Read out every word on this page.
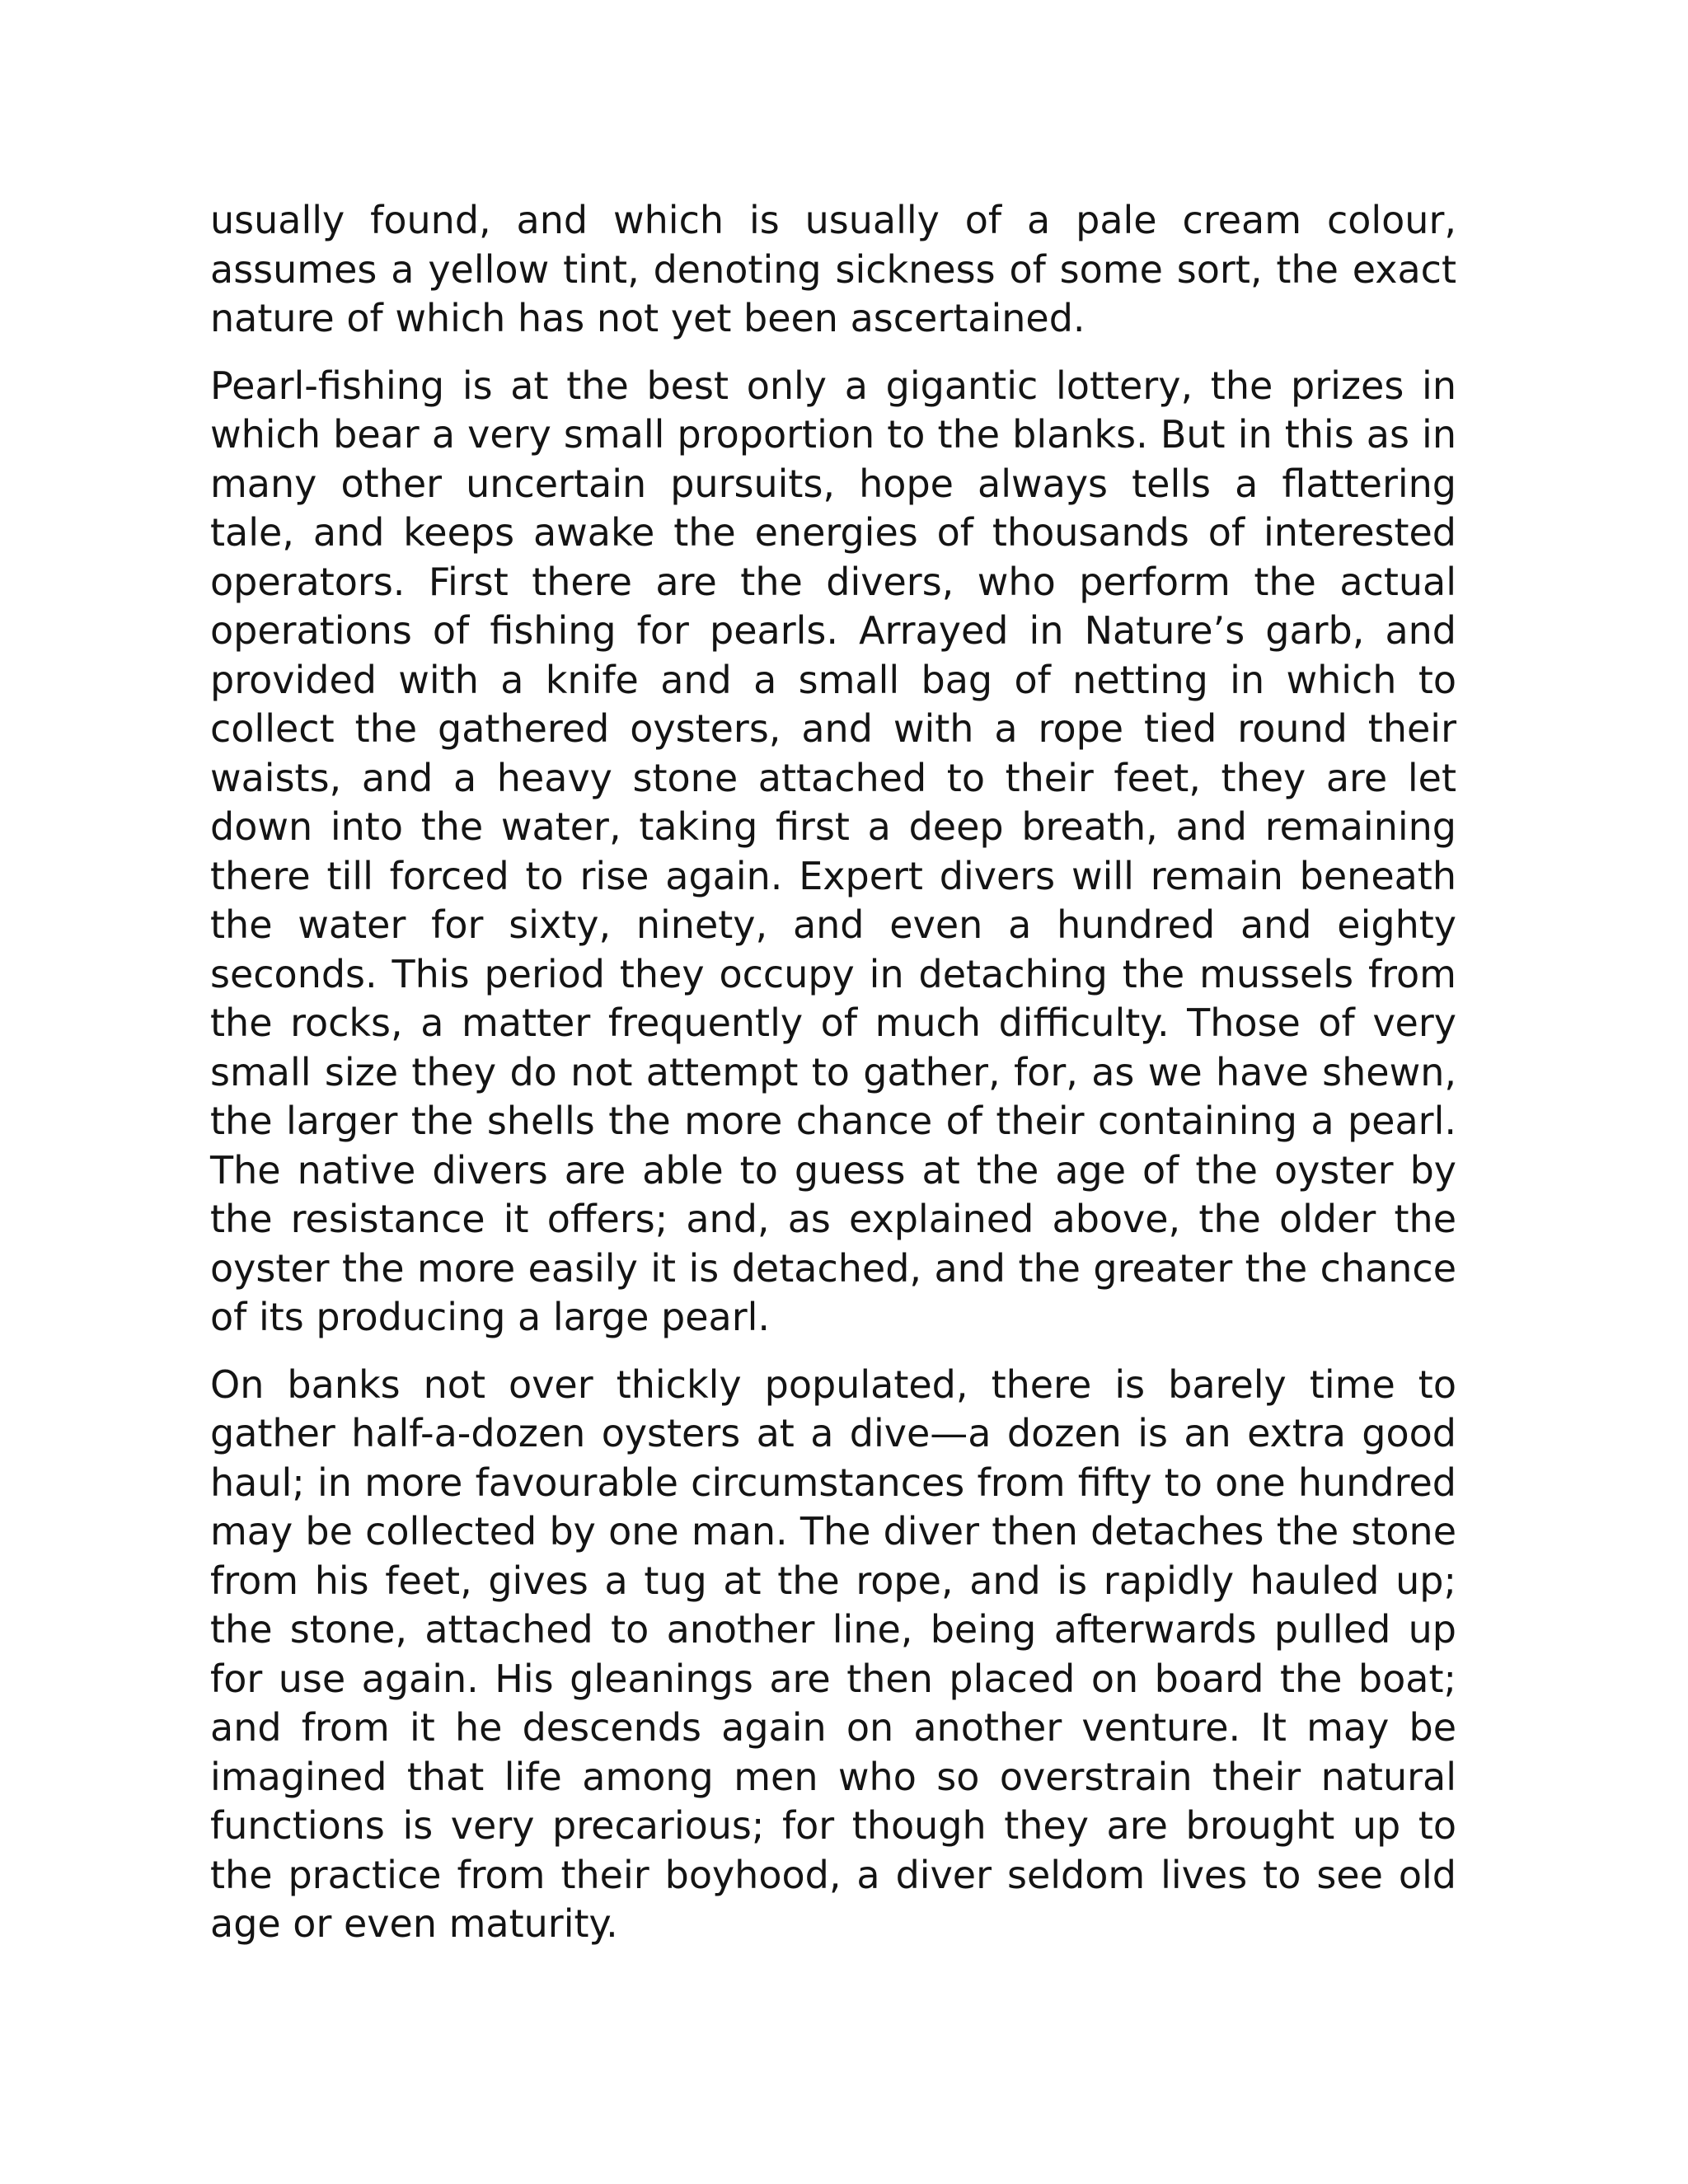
usually found, and which is usually of a pale cream colour, assumes a yellow tint, denoting sickness of some sort, the exact nature of which has not yet been ascertained.

Pearl-fishing is at the best only a gigantic lottery, the prizes in which bear a very small proportion to the blanks. But in this as in many other uncertain pursuits, hope always tells a flattering tale, and keeps awake the energies of thousands of interested operators. First there are the divers, who perform the actual operations of fishing for pearls. Arrayed in Nature’s garb, and provided with a knife and a small bag of netting in which to collect the gathered oysters, and with a rope tied round their waists, and a heavy stone attached to their feet, they are let down into the water, taking first a deep breath, and remaining there till forced to rise again. Expert divers will remain beneath the water for sixty, ninety, and even a hundred and eighty seconds. This period they occupy in detaching the mussels from the rocks, a matter frequently of much difficulty. Those of very small size they do not attempt to gather, for, as we have shewn, the larger the shells the more chance of their containing a pearl. The native divers are able to guess at the age of the oyster by the resistance it offers; and, as explained above, the older the oyster the more easily it is detached, and the greater the chance of its producing a large pearl.

On banks not over thickly populated, there is barely time to gather half-a-dozen oysters at a dive—a dozen is an extra good haul; in more favourable circumstances from fifty to one hundred may be collected by one man. The diver then detaches the stone from his feet, gives a tug at the rope, and is rapidly hauled up; the stone, attached to another line, being afterwards pulled up for use again. His gleanings are then placed on board the boat; and from it he descends again on another venture. It may be imagined that life among men who so overstrain their natural functions is very precarious; for though they are brought up to the practice from their boyhood, a diver seldom lives to see old age or even maturity.
